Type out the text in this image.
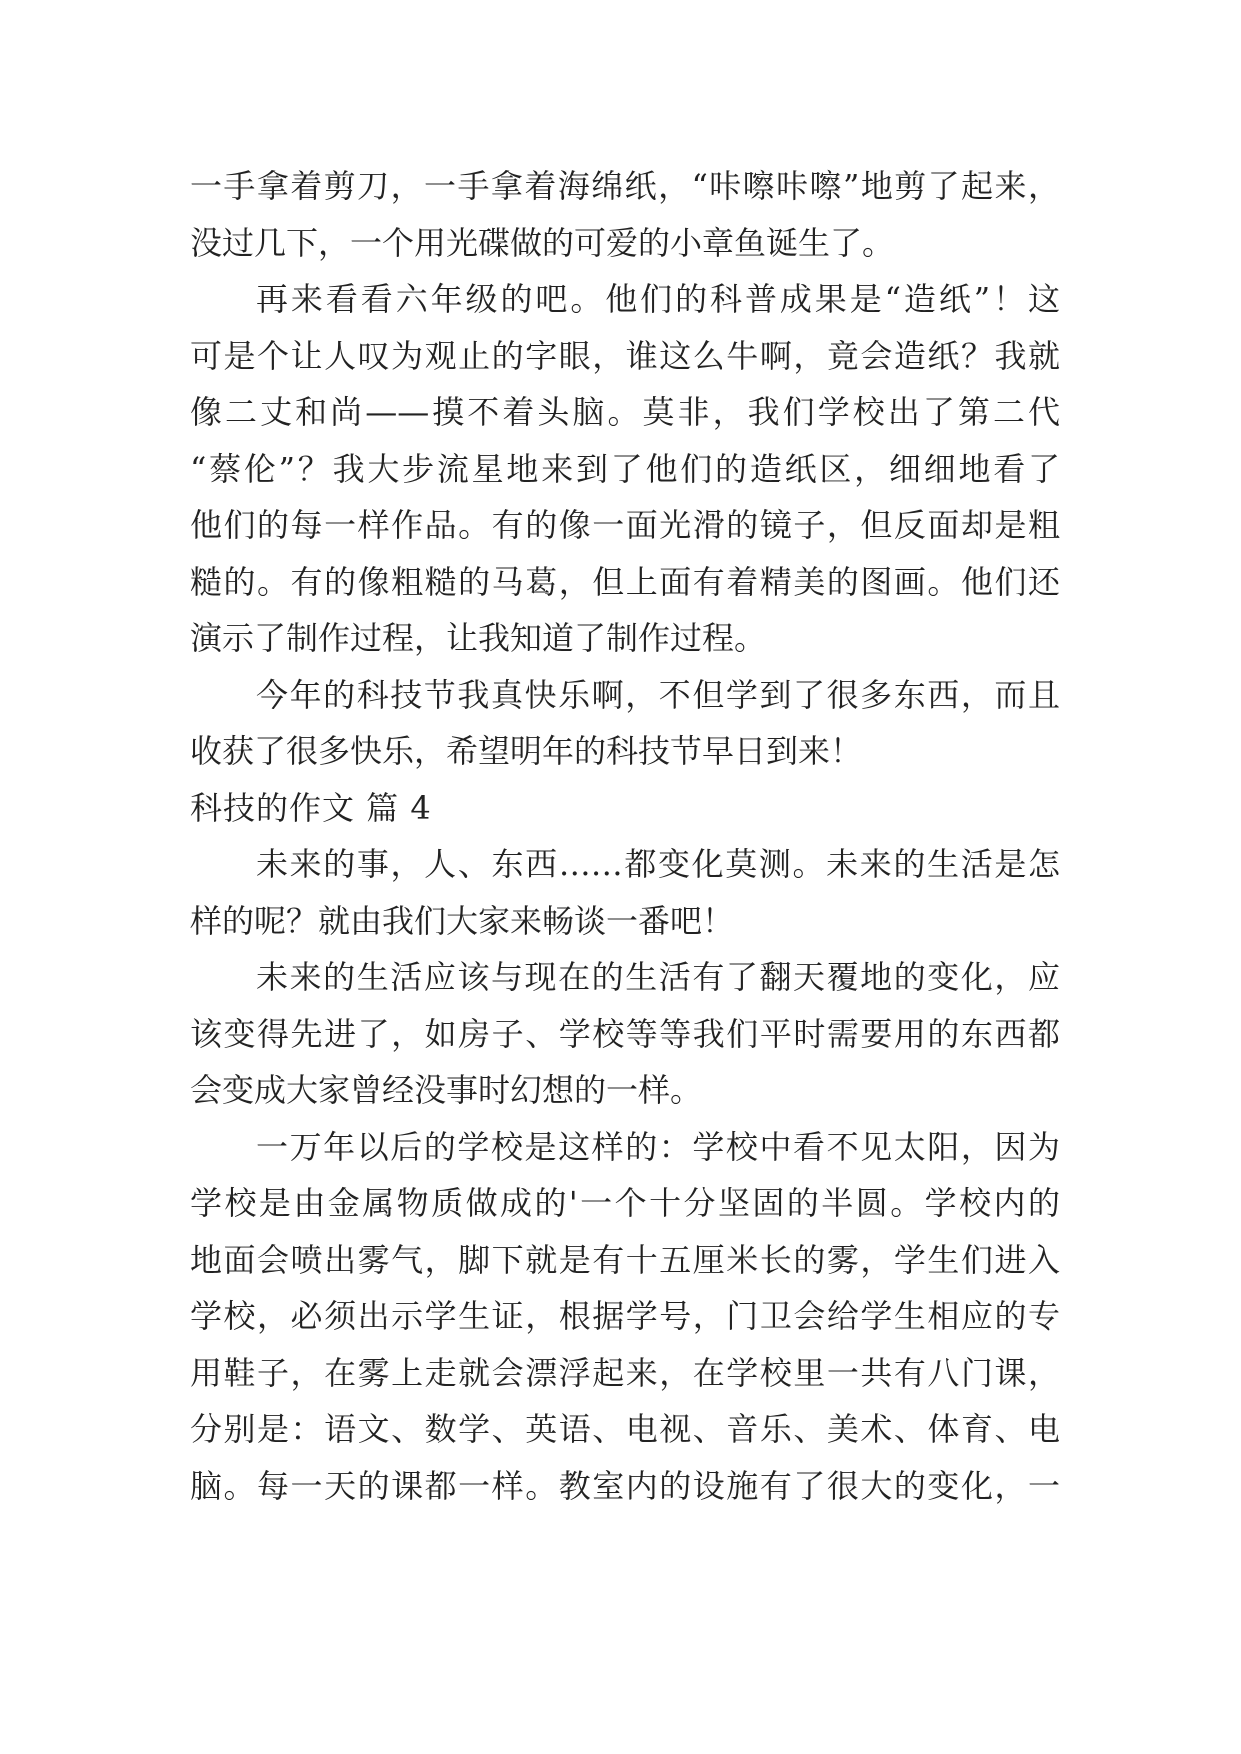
一手拿着剪刀，一手拿着海绵纸，“咔嚓咔嚓”地剪了起来，
没过几下，一个用光碟做的可爱的小章鱼诞生了。
再来看看六年级的吧。他们的科普成果是“造纸”！这
可是个让人叹为观止的字眼，谁这么牛啊，竟会造纸？我就
像二丈和尚——摸不着头脑。莫非，我们学校出了第二代
“蔡伦”？我大步流星地来到了他们的造纸区，细细地看了
他们的每一样作品。有的像一面光滑的镜子，但反面却是粗
糙的。有的像粗糙的马葛，但上面有着精美的图画。他们还
演示了制作过程，让我知道了制作过程。
今年的科技节我真快乐啊，不但学到了很多东西，而且
收获了很多快乐，希望明年的科技节早日到来！
科技的作文 篇 4
未来的事，人、东西……都变化莫测。未来的生活是怎
样的呢？就由我们大家来畅谈一番吧！
未来的生活应该与现在的生活有了翻天覆地的变化，应
该变得先进了，如房子、学校等等我们平时需要用的东西都
会变成大家曾经没事时幻想的一样。
一万年以后的学校是这样的：学校中看不见太阳，因为
学校是由金属物质做成的'一个十分坚固的半圆。学校内的
地面会喷出雾气，脚下就是有十五厘米长的雾，学生们进入
学校，必须出示学生证，根据学号，门卫会给学生相应的专
用鞋子，在雾上走就会漂浮起来，在学校里一共有八门课，
分别是：语文、数学、英语、电视、音乐、美术、体育、电
脑。每一天的课都一样。教室内的设施有了很大的变化，一
